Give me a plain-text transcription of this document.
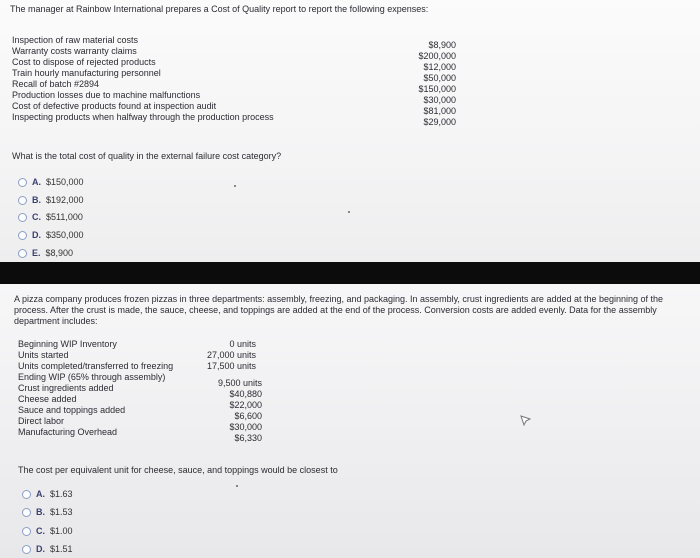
The manager at Rainbow International prepares a Cost of Quality report to report the following expenses:
Inspection of raw material costs
Warranty costs warranty claims
Cost to dispose of rejected products
Train hourly manufacturing personnel
Recall of batch #2894
Production losses due to machine malfunctions
Cost of defective products found at inspection audit
Inspecting products when halfway through the production process
$8,900
$200,000
$12,000
$50,000
$150,000
$30,000
$81,000
$29,000
What is the total cost of quality in the external failure cost category?
A. $150,000
B. $192,000
C. $511,000
D. $350,000
E. $8,900
A pizza company produces frozen pizzas in three departments: assembly, freezing, and packaging. In assembly, crust ingredients are added at the beginning of the process. After the crust is made, the sauce, cheese, and toppings are added at the end of the process. Conversion costs are added evenly. Data for the assembly department includes:
Beginning WIP Inventory
Units started
Units completed/transferred to freezing
Ending WIP (65% through assembly)
Crust ingredients added
Cheese added
Sauce and toppings added
Direct labor
Manufacturing Overhead
0 units
27,000 units
17,500 units
9,500 units
$40,880
$22,000
$6,600
$30,000
$6,330
The cost per equivalent unit for cheese, sauce, and toppings would be closest to
A. $1.63
B. $1.53
C. $1.00
D. $1.51
